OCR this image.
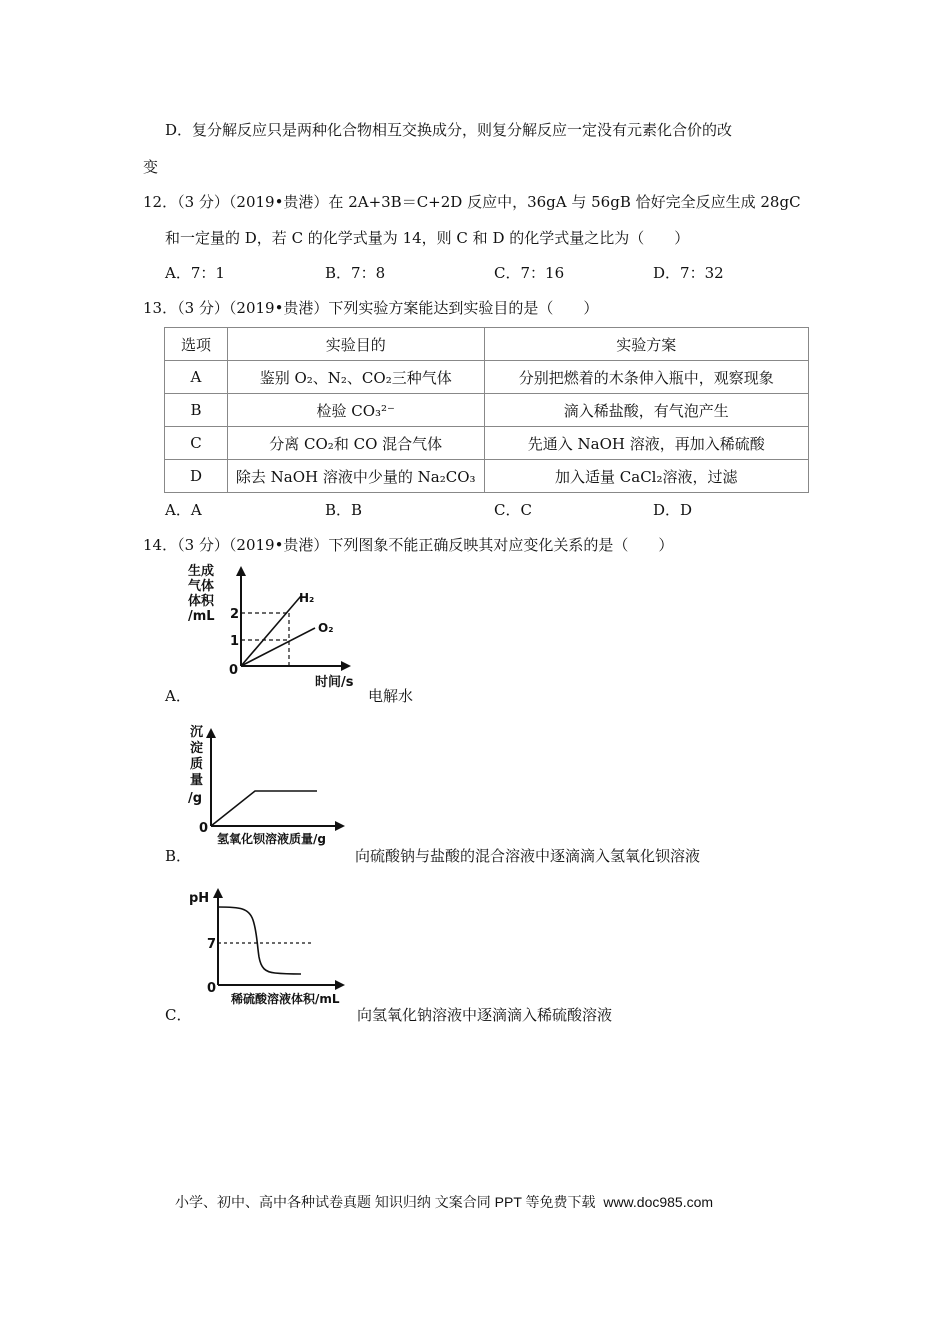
D．复分解反应只是两种化合物相互交换成分，则复分解反应一定没有元素化合价的改
变
12．（3 分）（2019•贵港）在 2A+3B＝C+2D 反应中，36gA 与 56gB 恰好完全反应生成 28gC
和一定量的 D，若 C 的化学式量为 14，则 C 和 D 的化学式量之比为（　　）
A．7：1	B．7：8	C．7：16	D．7：32
13．（3 分）（2019•贵港）下列实验方案能达到实验目的是（　　）
选项	实验目的	实验方案
A	鉴别 O₂、N₂、CO₂三种气体	分别把燃着的木条伸入瓶中，观察现象
B	检验 CO₃²⁻	滴入稀盐酸，有气泡产生
C	分离 CO₂和 CO 混合气体	先通入 NaOH 溶液，再加入稀硫酸
D	除去 NaOH 溶液中少量的 Na₂CO₃	加入适量 CaCl₂溶液，过滤
A．A	B．B	C．C	D．D
14．（3 分）（2019•贵港）下列图象不能正确反映其对应变化关系的是（　　）
生成
气体
体积
/mL 2
1
0
H₂
O₂
时间/s
A．	电解水
沉
淀
质
量
/g
0
氢氧化钡溶液质量/g
B．	向硫酸钠与盐酸的混合溶液中逐滴滴入氢氧化钡溶液
pH
7
0
稀硫酸溶液体积/mL
C．	向氢氧化钠溶液中逐滴滴入稀硫酸溶液
小学、初中、高中各种试卷真题 知识归纳 文案合同 PPT 等免费下载 www.doc985.com
